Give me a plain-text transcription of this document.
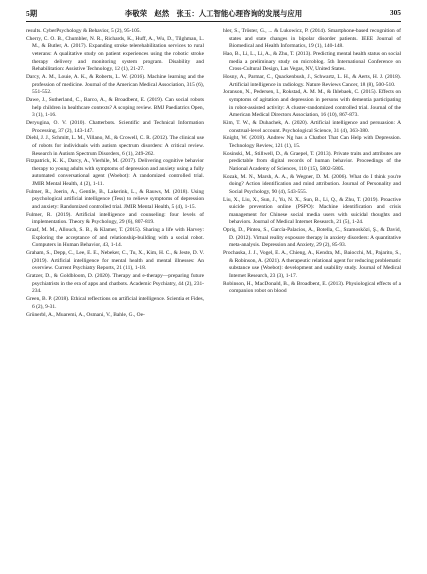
5期	李敬荣　赵然　张玉：人工智能心理咨询的发展与应用	305
results. CyberPsychology & Behavior, 5 (2), 95-105.
Cherry, C. O. B., Chumbler, N. R., Richards, K., Huff, A., Wu, D., Tilghman, L. M., & Butler, A. (2017). Expanding stroke telerehabilitation services to rural veterans: A qualitative study on patient experiences using the robotic stroke therapy delivery and monitoring system program. Disability and Rehabilitation: Assistive Technology, 12 (1), 21-27.
Darcy, A. M., Louie, A. K., & Roberts, L. W. (2016). Machine learning and the profession of medicine. Journal of the American Medical Association, 315 (6), 551-552.
Dawe, J., Sutherland, C., Barco, A., & Broadbent, E. (2019). Can social robots help children in healthcare contexts? A scoping review. BMJ Paediatrics Open, 3 (1), 1-16.
Deryugina, O. V. (2010). Chatterbots. Scientific and Technical Information Processing, 37 (2), 143-147.
Diehl, J. J., Schmitt, L. M., Villano, M., & Crowell, C. R. (2012). The clinical use of robots for individuals with autism spectrum disorders: A critical review. Research in Autism Spectrum Disorders, 6 (1), 249-262.
Fitzpatrick, K. K., Darcy, A., Vierhile, M. (2017). Delivering cognitive behavior therapy to young adults with symptoms of depression and anxiety using a fully automated conversational agent (Woebot): A randomized controlled trial. JMIR Mental Health, 4 (2), 1-11.
Fulmer, R., Joerin, A., Gentile, B., Lakerink, L., & Rauws, M. (2018). Using psychological artificial intelligence (Tess) to relieve symptoms of depression and anxiety: Randomized controlled trial. JMIR Mental Health, 5 (4), 1-15.
Fulmer, R. (2019). Artificial intelligence and counseling: four levels of implementation. Theory & Psychology, 29 (6), 807-819.
Graaf, M. M., Allouch, S. B., & Klamer, T. (2015). Sharing a life with Harvey: Exploring the acceptance of and relationship-building with a social robot. Computers in Human Behavior, 43, 1-14.
Graham, S., Depp, C., Lee, E. E., Nebeker, C., Tu, X., Kim, H. C., & Jeste, D. V. (2019). Artificial intelligence for mental health and mental illnesses: An overview. Current Psychiatry Reports, 21 (11), 1-18.
Gratzer, D., & Goldbloom, D. (2020). Therapy and e-therapy—preparing future psychiatrists in the era of apps and chatbots. Academic Psychiatry, 44 (2), 231-234.
Green, B. P. (2018). Ethical reflections on artificial intelligence. Scientia et Fides, 6 (2), 9-31.
Grünerbl, A., Muaremi, A., Osmani, V., Bahle, G., Oe-
hler, S., Tröster, G., ... & Lukowicz, P. (2014). Smartphone-based recognition of states and state changes in bipolar disorder patients. IEEE Journal of Biomedical and Health Informatics, 19 (1), 140-148.
Hao, B., Li, L., Li, A., & Zhu, T. (2013). Predicting mental health status on social media a preliminary study on microblog. 5th International Conference on Cross-Cultural Design, Las Vegas, NV, United States.
Hosny, A., Parmar, C., Quackenbush, J., Schwartz, L. H., & Aerts, H. J. (2018). Artificial intelligence in radiology. Nature Reviews Cancer, 18 (8), 500-510.
Joranson, N., Pedersen, I., Rokstad, A. M. M., & Ihlebaek, C. (2015). Effects on symptoms of agitation and depression in persons with dementia participating in robot-assisted activity: A cluster-randomized controlled trial. Journal of the American Medical Directors Association, 16 (10), 867-873.
Kim, T. W., & Duhachek, A. (2020). Artificial intelligence and persuasion: A construal-level account. Psychological Science, 31 (4), 363-380.
Knight, W. (2018). Andrew Ng has a Chatbot That Can Help with Depression. Technology Review, 121 (1), 15.
Kosinski, M., Stillwell, D., & Graepel, T. (2013). Private traits and attributes are predictable from digital records of human behavior. Proceedings of the National Academy of Sciences, 110 (15), 5802-5805.
Kozak, M. N., Marsh, A. A., & Wegner, D. M. (2006). What do I think you're doing? Action identification and mind attribution. Journal of Personality and Social Psychology, 90 (4), 543-555.
Liu, X., Liu, X., Sun, J., Yu, N. X., Sun, B., Li, Q., & Zhu, T. (2019). Proactive suicide prevention online (PSPO): Machine identification and crisis management for Chinese social media users with suicidal thoughts and behaviors. Journal of Medical Internet Research, 21 (5), 1-24.
Opriş, D., Pintea, S., García-Palacios, A., Botella, C., Szamosközi, Ş., & David, D. (2012). Virtual reality exposure therapy in anxiety disorders: A quantitative meta-analysis. Depression and Anxiety, 29 (2), 85-93.
Prochaska, J. J., Vogel, E. A., Chieng, A., Kendra, M., Baiocchi, M., Pajarito, S., & Robinson, A. (2021). A therapeutic relational agent for reducing problematic substance use (Woebot): development and usability study. Journal of Medical Internet Research, 23 (3), 1-17.
Robinson, H., MacDonald, B., & Broadbent, E. (2013). Physiological effects of a companion robot on blood
